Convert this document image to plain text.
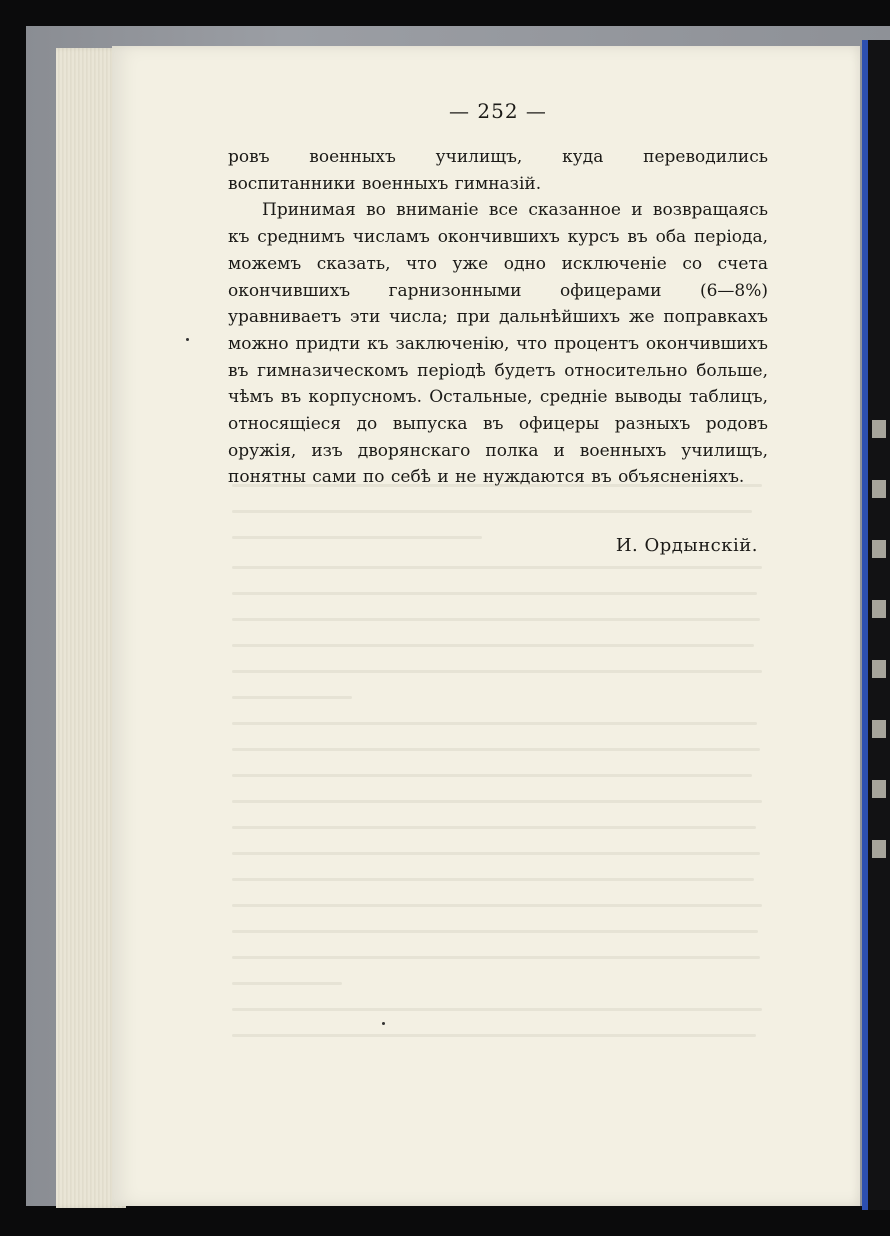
— 252 —

ровъ военныхъ училищъ, куда переводились воспитанники военныхъ гимназій.

Принимая во вниманіе все сказанное и возвращаясь къ среднимъ числамъ окончившихъ курсъ въ оба періода, можемъ сказать, что уже одно исключеніе со счета окончившихъ гарнизонными офицерами (6—8%) уравниваетъ эти числа; при дальнѣйшихъ же поправкахъ можно придти къ заключенію, что процентъ окончившихъ въ гимназическомъ періодѣ будетъ относительно больше, чѣмъ въ корпусномъ. Остальные, средніе выводы таблицъ, относящіеся до выпуска въ офицеры разныхъ родовъ оружія, изъ дворянскаго полка и военныхъ училищъ, понятны сами по себѣ и не нуждаются въ объясненіяхъ.

И. Ордынскій.
